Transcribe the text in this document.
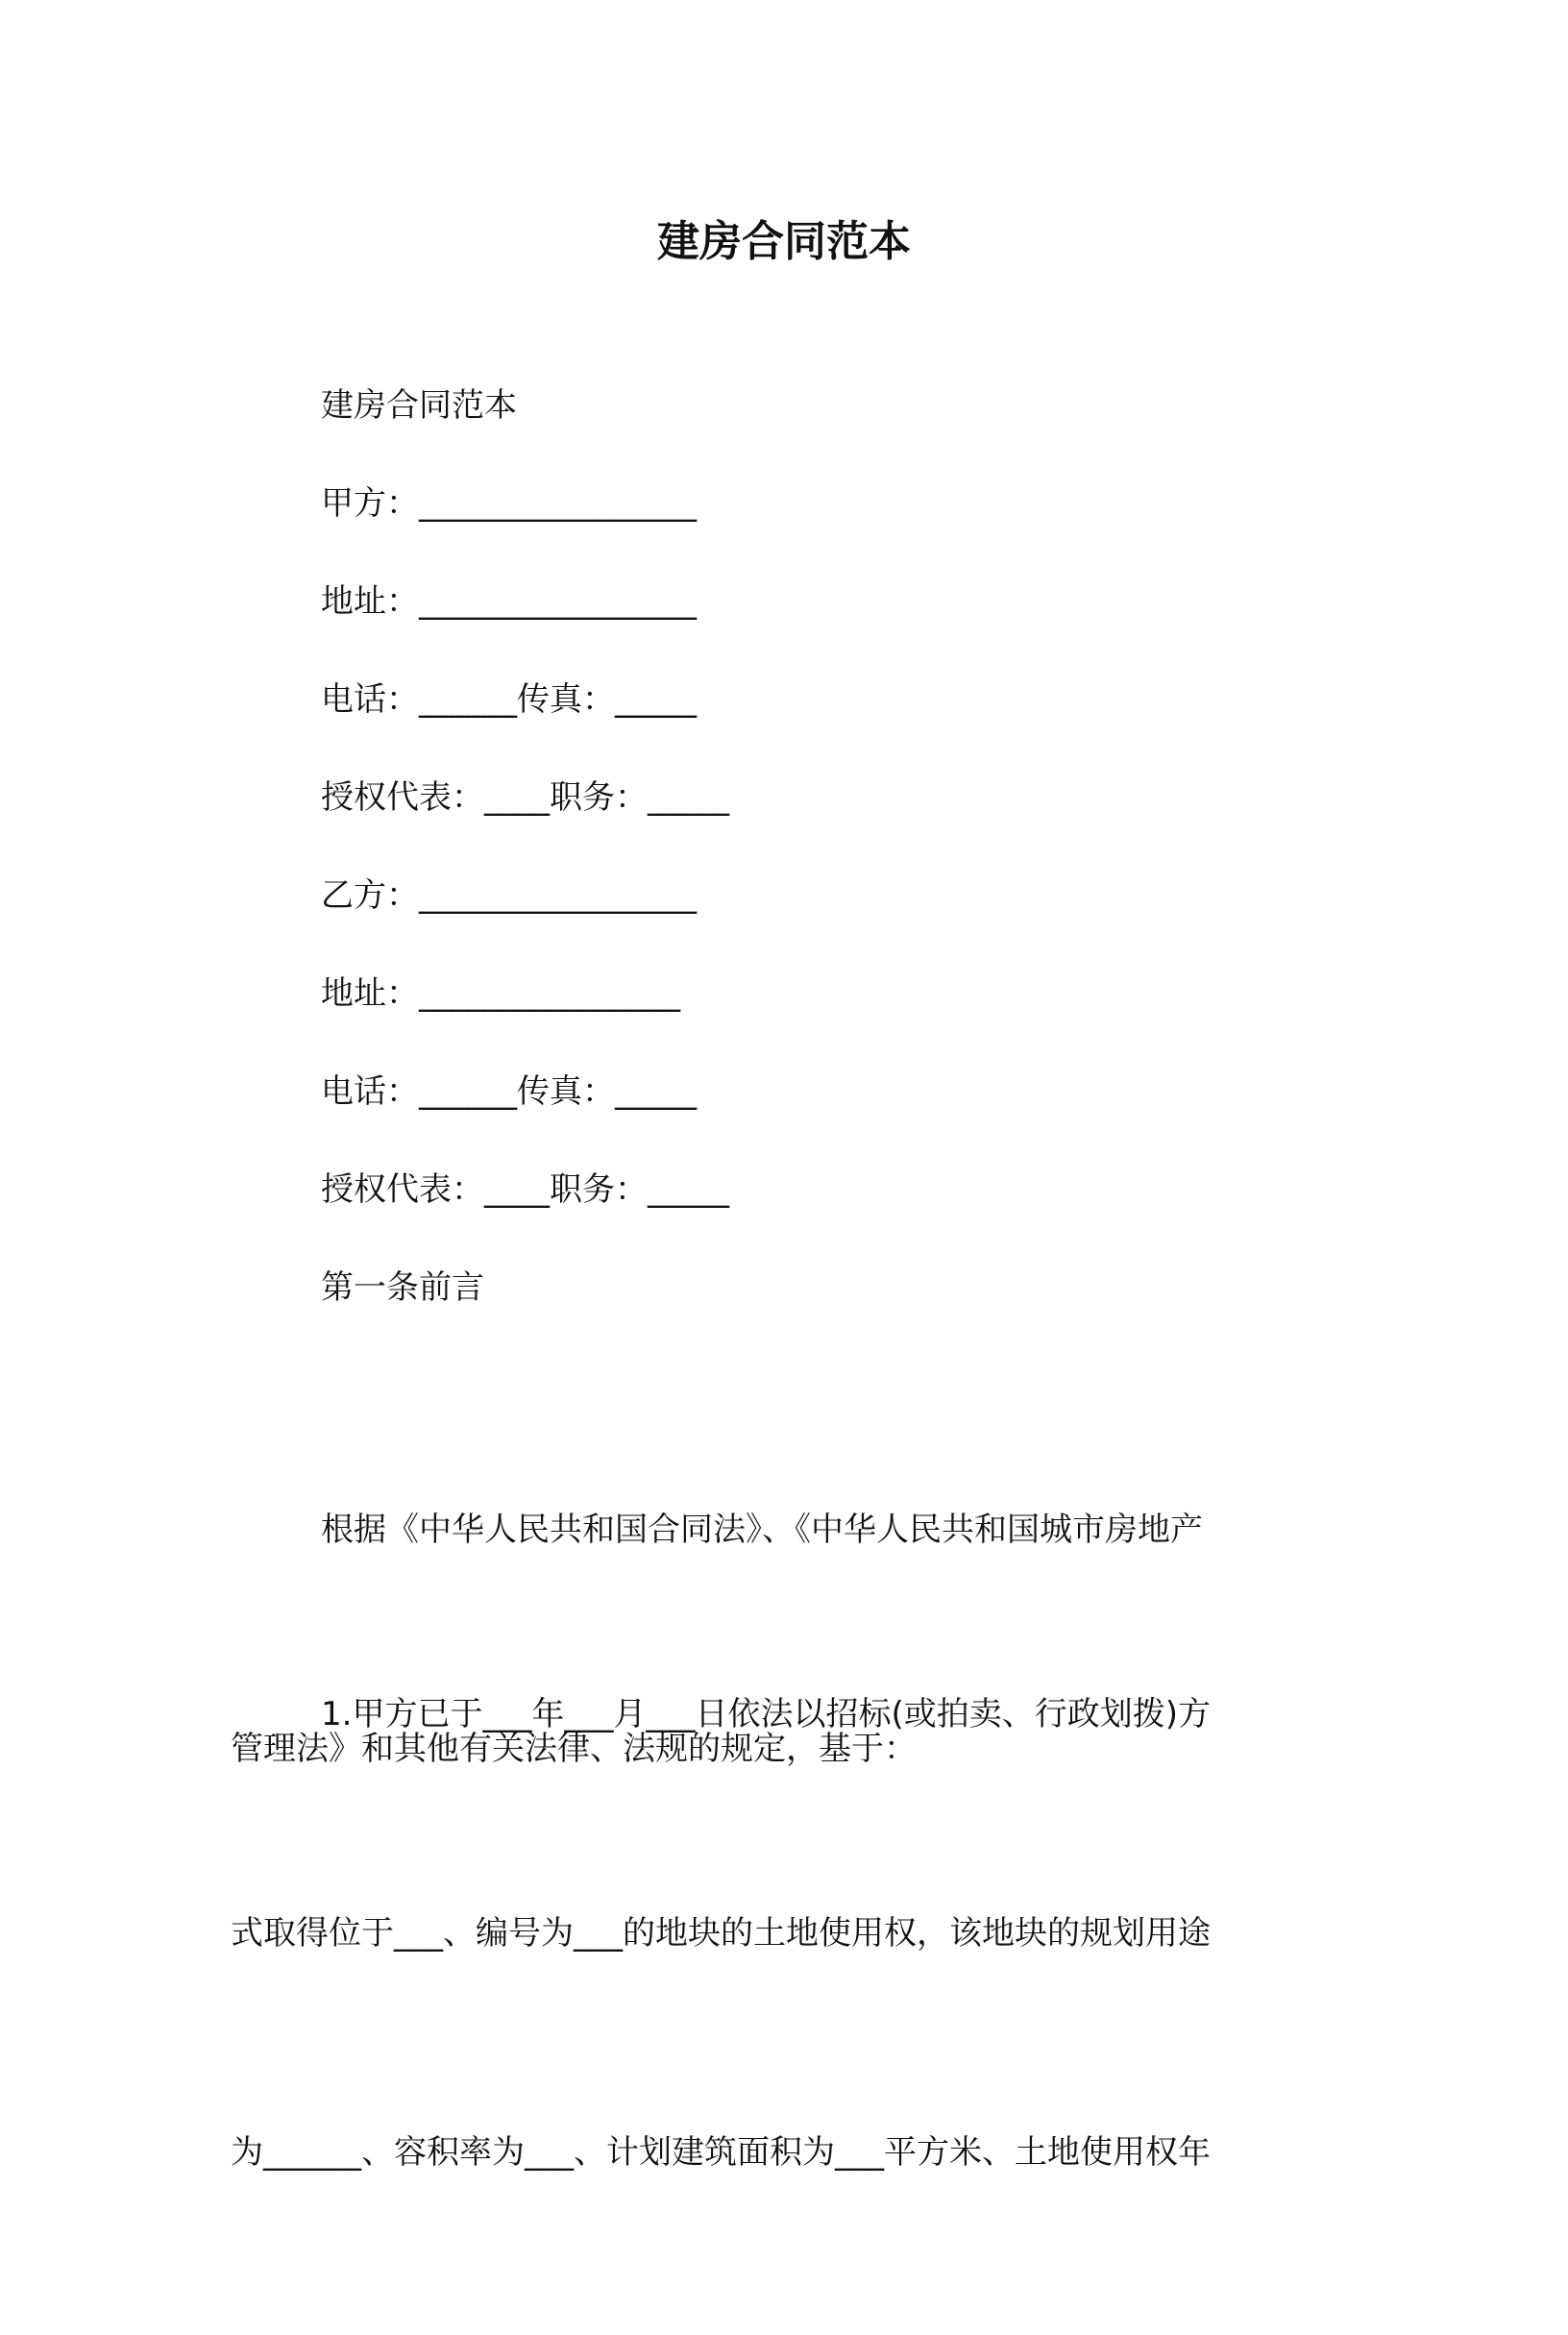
建房合同范本
建房合同范本
甲方：_________________
地址：_________________
电话：______传真：_____
授权代表：____职务：_____
乙方：_________________
地址：________________
电话：______传真：_____
授权代表：____职务：_____
第一条前言

根据《中华人民共和国合同法》、《中华人民共和国城市房地产

管理法》和其他有关法律、法规的规定，基于：

1.甲方已于___年___月___日依法以招标(或拍卖、行政划拨)方

式取得位于___、编号为___的地块的土地使用权，该地块的规划用途

为______、容积率为___、计划建筑面积为___平方米、土地使用权年
